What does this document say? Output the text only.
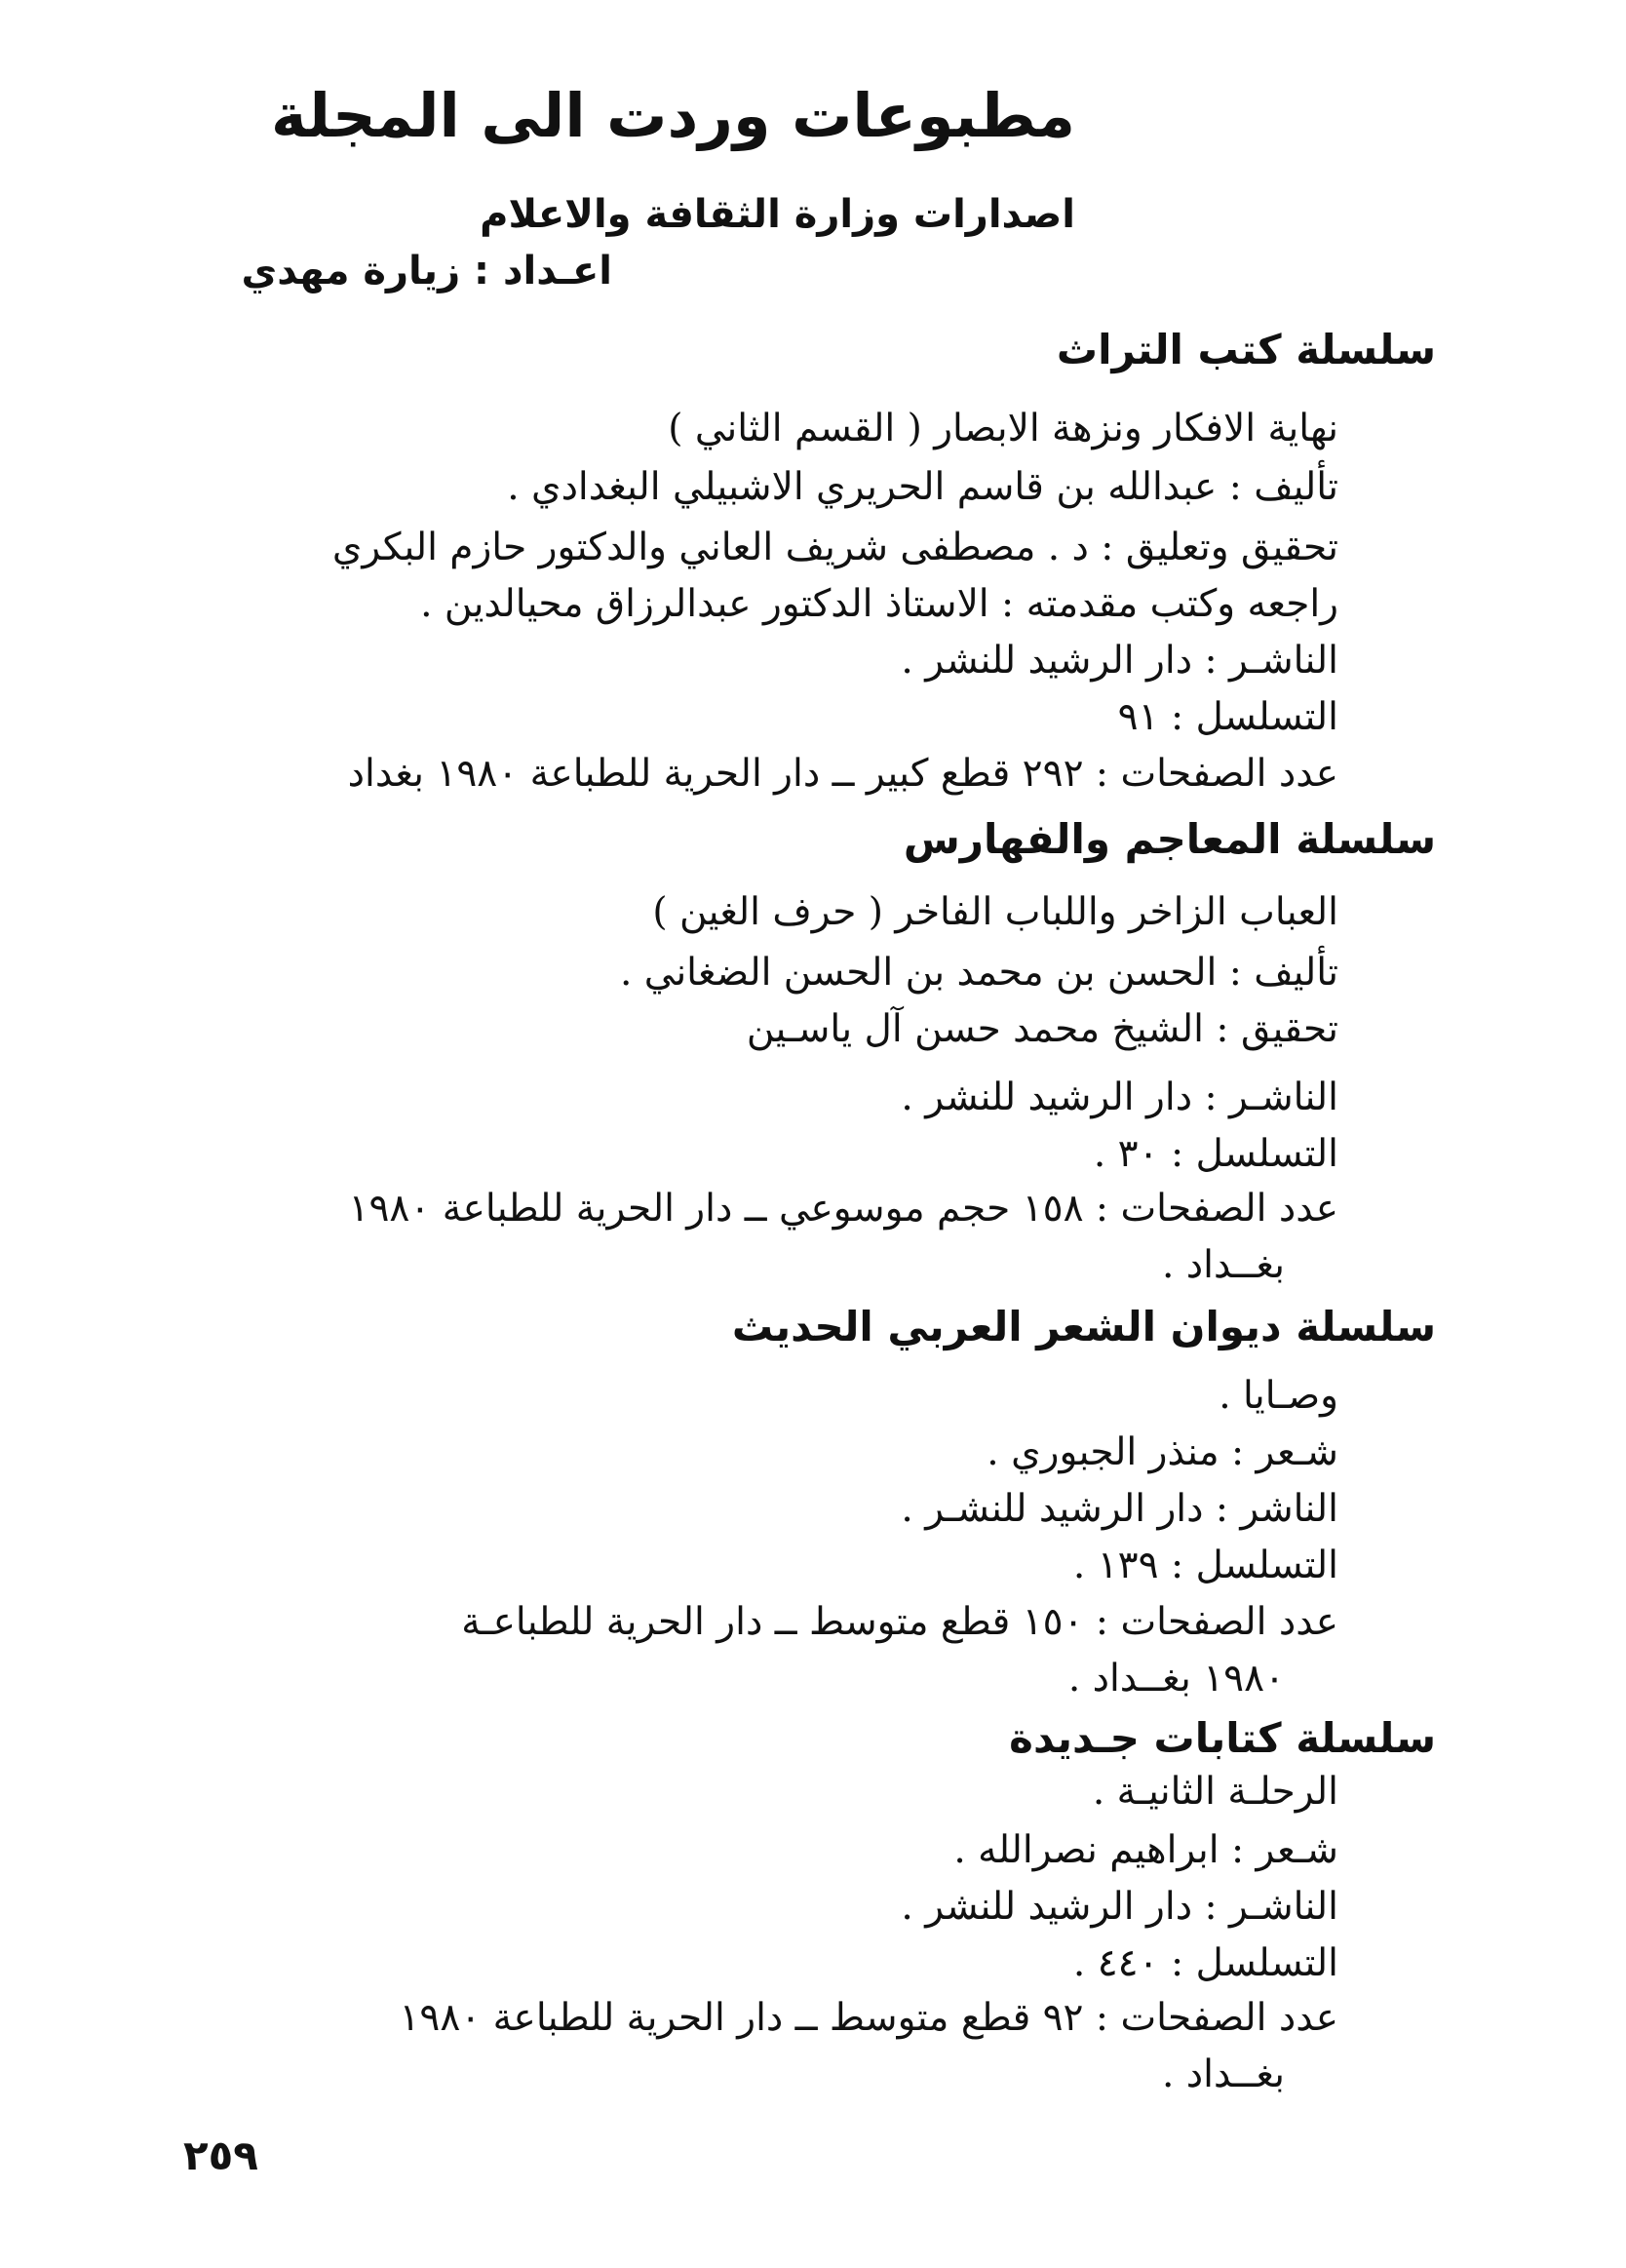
مطبوعات وردت الى المجلة
اصدارات وزارة الثقافة والاعلام
اعـداد : زيارة مهدي
سلسلة كتب التراث
نهاية الافكار ونزهة الابصار ( القسم الثاني )
تأليف : عبدالله بن قاسم الحريري الاشبيلي البغدادي .
تحقيق وتعليق : د . مصطفى شريف العاني والدكتور حازم البكري
راجعه وكتب مقدمته : الاستاذ الدكتور عبدالرزاق محيالدين .
الناشـر : دار الرشيد للنشر .
التسلسل : ٩١
عدد الصفحات : ٢٩٢ قطع كبير ــ دار الحرية للطباعة ١٩٨٠ بغداد
سلسلة المعاجم والفهارس
العباب الزاخر واللباب الفاخر ( حرف الغين )
تأليف : الحسن بن محمد بن الحسن الضغاني .
تحقيق : الشيخ محمد حسن آل ياسـين
الناشـر : دار الرشيد للنشر .
التسلسل : ٣٠ .
عدد الصفحات : ١٥٨ حجم موسوعي ــ دار الحرية للطباعة ١٩٨٠
بغــداد .
سلسلة ديوان الشعر العربي الحديث
وصـايا .
شـعر : منذر الجبوري .
الناشر : دار الرشيد للنشـر .
التسلسل : ١٣٩ .
عدد الصفحات : ١٥٠ قطع متوسط ــ دار الحرية للطباعـة
١٩٨٠ بغــداد .
سلسلة كتابات جـديدة
الرحلـة الثانيـة .
شـعر : ابراهيم نصرالله .
الناشـر : دار الرشيد للنشر .
التسلسل : ٤٤٠ .
عدد الصفحات : ٩٢ قطع متوسط ــ دار الحرية للطباعة ١٩٨٠
بغــداد .
٢٥٩
